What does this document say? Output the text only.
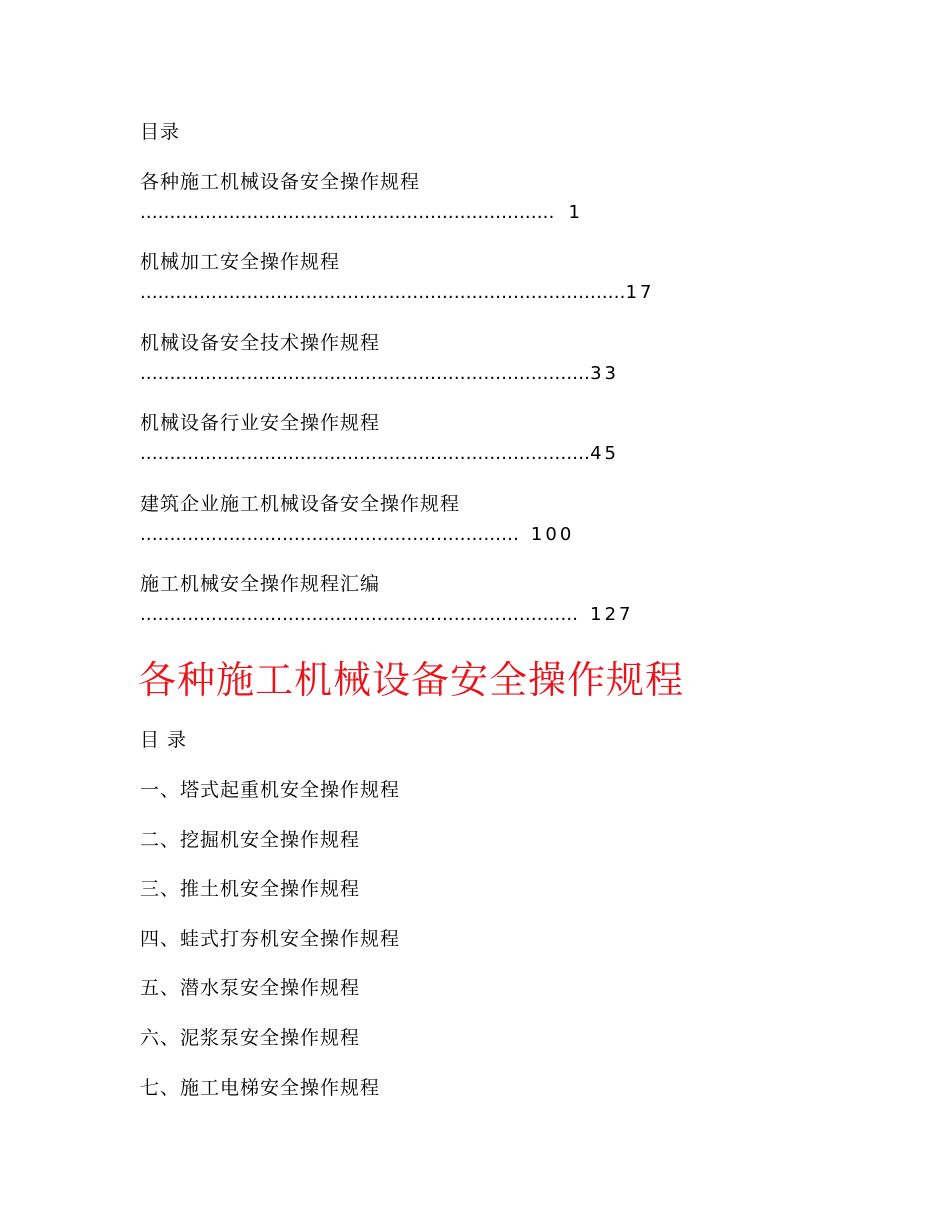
目录
各种施工机械设备安全操作规程
...................................................................... 1
机械加工安全操作规程
..................................................................................17
机械设备安全技术操作规程
............................................................................33
机械设备行业安全操作规程
............................................................................45
建筑企业施工机械设备安全操作规程
................................................................ 100
施工机械安全操作规程汇编
.......................................................................... 127
各种施工机械设备安全操作规程
目 录
一、塔式起重机安全操作规程
二、挖掘机安全操作规程
三、推土机安全操作规程
四、蛙式打夯机安全操作规程
五、潜水泵安全操作规程
六、泥浆泵安全操作规程
七、施工电梯安全操作规程
